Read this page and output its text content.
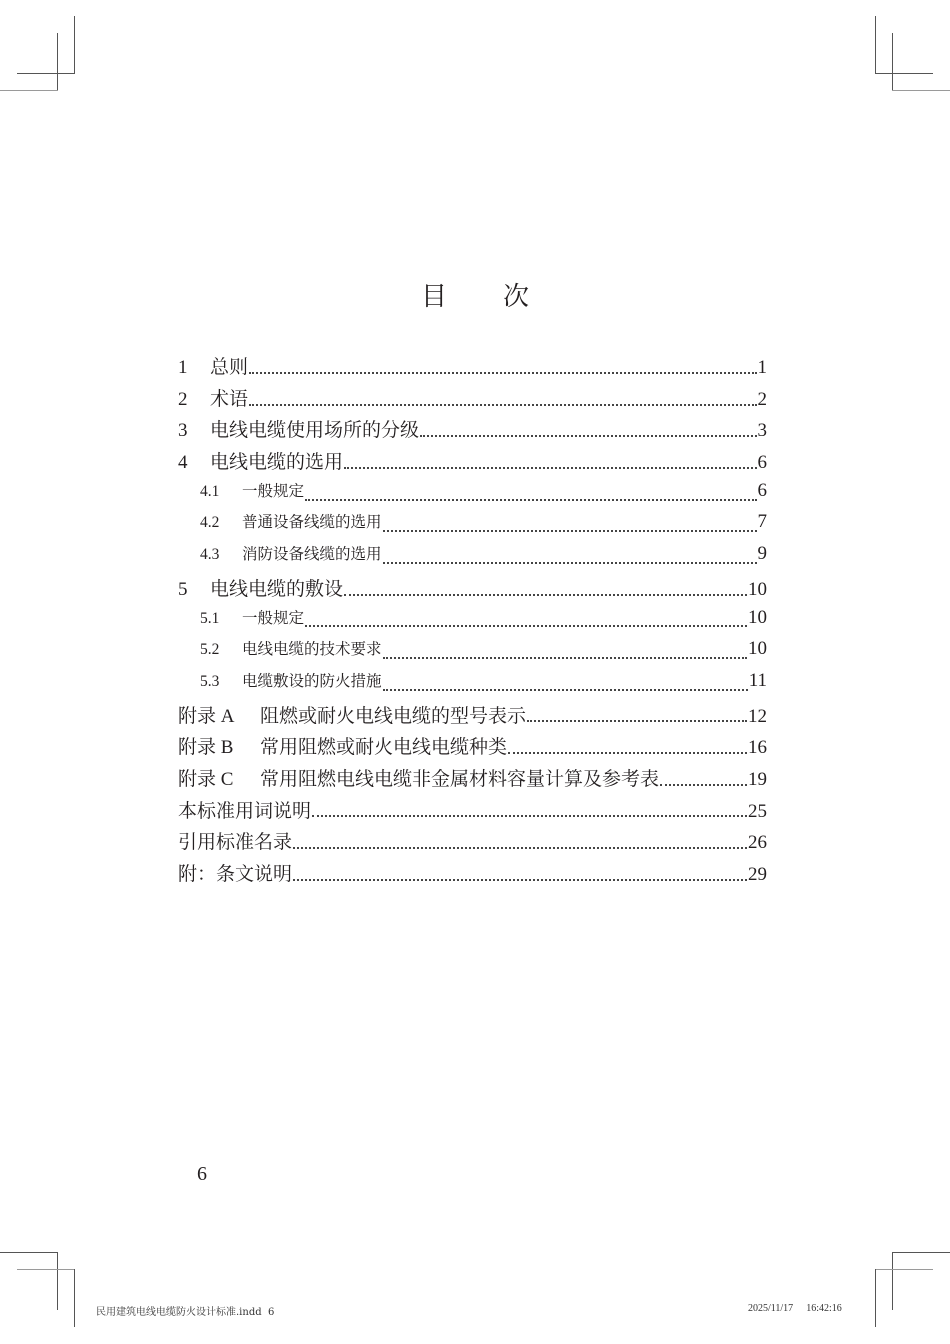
目 次
1	总则	1
2	术语	2
3	电线电缆使用场所的分级	3
4	电线电缆的选用	6
4.1	一般规定	6
4.2	普通设备线缆的选用	7
4.3	消防设备线缆的选用	9
5	电线电缆的敷设	10
5.1	一般规定	10
5.2	电线电缆的技术要求	10
5.3	电缆敷设的防火措施	11
附录 A	阻燃或耐火电线电缆的型号表示	12
附录 B	常用阻燃或耐火电线电缆种类	16
附录 C	常用阻燃电线电缆非金属材料容量计算及参考表	19
本标准用词说明	25
引用标准名录	26
附：条文说明	29
6
民用建筑电线电缆防火设计标准.indd 6	2025/11/17 16:42:16
